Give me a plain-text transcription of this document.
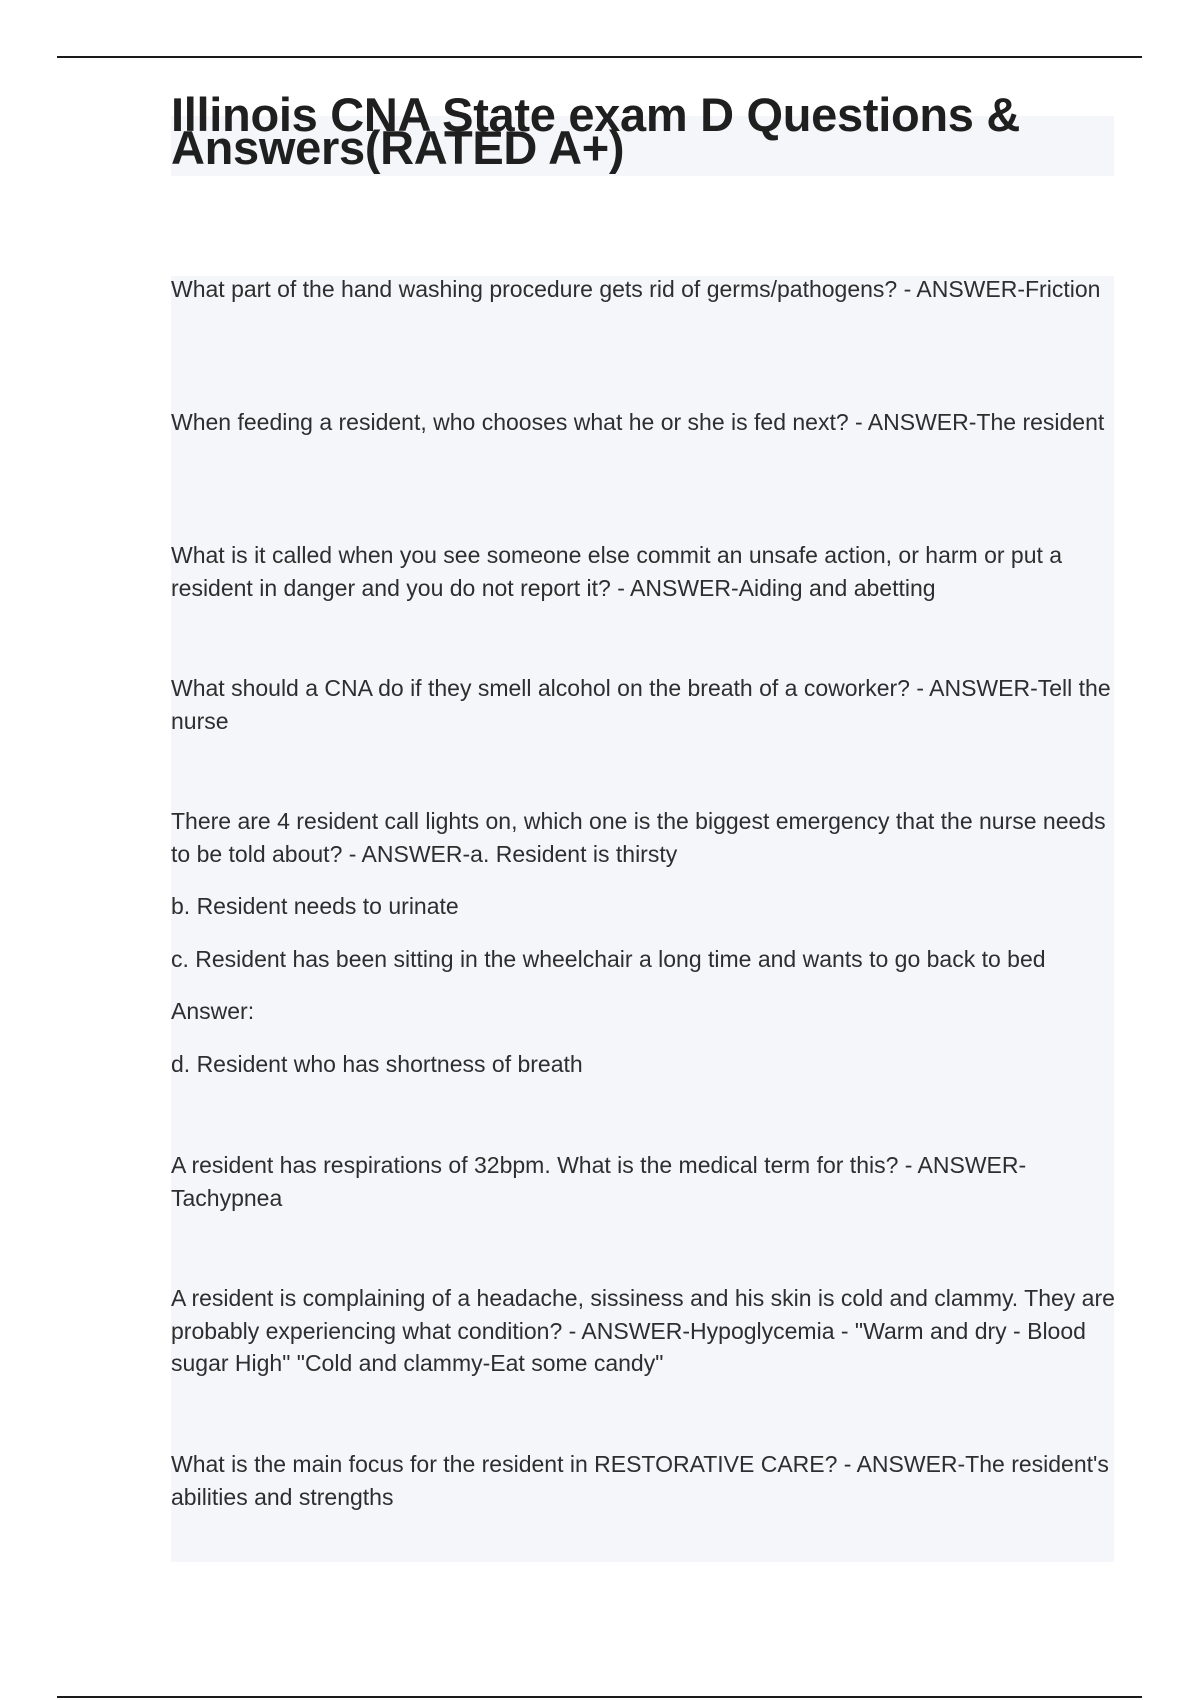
Illinois CNA State exam D Questions & Answers(RATED A+)

What part of the hand washing procedure gets rid of germs/pathogens? - ANSWER-Friction

When feeding a resident, who chooses what he or she is fed next? - ANSWER-The resident

What is it called when you see someone else commit an unsafe action, or harm or put a resident in danger and you do not report it? - ANSWER-Aiding and abetting

What should a CNA do if they smell alcohol on the breath of a coworker? - ANSWER-Tell the nurse

There are 4 resident call lights on, which one is the biggest emergency that the nurse needs to be told about? - ANSWER-a. Resident is thirsty

b. Resident needs to urinate

c. Resident has been sitting in the wheelchair a long time and wants to go back to bed

Answer:

d. Resident who has shortness of breath

A resident has respirations of 32bpm. What is the medical term for this? - ANSWER-Tachypnea

A resident is complaining of a headache, sissiness and his skin is cold and clammy. They are probably experiencing what condition? - ANSWER-Hypoglycemia - "Warm and dry - Blood sugar High" "Cold and clammy-Eat some candy"

What is the main focus for the resident in RESTORATIVE CARE? - ANSWER-The resident's abilities and strengths
